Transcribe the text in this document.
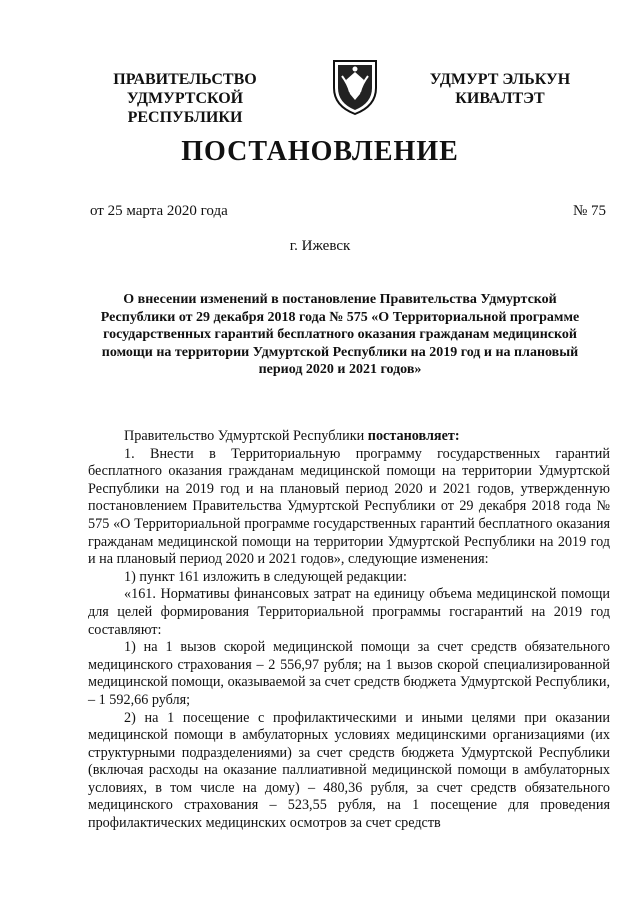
ПРАВИТЕЛЬСТВО
УДМУРТСКОЙ РЕСПУБЛИКИ
УДМУРТ ЭЛЬКУН
КИВАЛТЭТ
ПОСТАНОВЛЕНИЕ
от 25 марта 2020 года	№ 75
г. Ижевск
О внесении изменений в постановление Правительства Удмуртской Республики от 29 декабря 2018 года № 575 «О Территориальной программе государственных гарантий бесплатного оказания гражданам медицинской помощи на территории Удмуртской Республики на 2019 год и на плановый период 2020 и 2021 годов»

Правительство Удмуртской Республики постановляет:

1. Внести в Территориальную программу государственных гарантий бесплатного оказания гражданам медицинской помощи на территории Удмуртской Республики на 2019 год и на плановый период 2020 и 2021 годов, утвержденную постановлением Правительства Удмуртской Республики от 29 декабря 2018 года № 575 «О Территориальной программе государственных гарантий бесплатного оказания гражданам медицинской помощи на территории Удмуртской Республики на 2019 год и на плановый период 2020 и 2021 годов», следующие изменения:

1) пункт 161 изложить в следующей редакции:

«161. Нормативы финансовых затрат на единицу объема медицинской помощи для целей формирования Территориальной программы госгарантий на 2019 год составляют:

1) на 1 вызов скорой медицинской помощи за счет средств обязательного медицинского страхования – 2 556,97 рубля; на 1 вызов скорой специализированной медицинской помощи, оказываемой за счет средств бюджета Удмуртской Республики, – 1 592,66 рубля;

2) на 1 посещение с профилактическими и иными целями при оказании медицинской помощи в амбулаторных условиях медицинскими организациями (их структурными подразделениями) за счет средств бюджета Удмуртской Республики (включая расходы на оказание паллиативной медицинской помощи в амбулаторных условиях, в том числе на дому) – 480,36 рубля, за счет средств обязательного медицинского страхования – 523,55 рубля, на 1 посещение для проведения профилактических медицинских осмотров за счет средств
